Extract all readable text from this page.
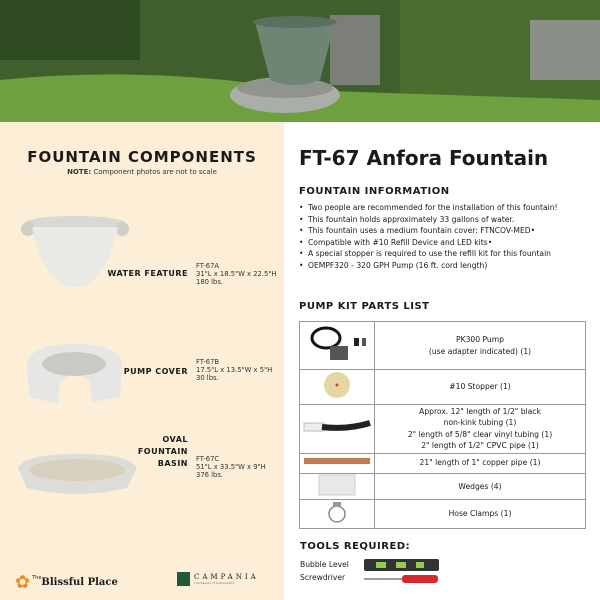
FOUNTAIN COMPONENTS
NOTE: Component photos are not to scale
WATER FEATURE
FT-67A
31"L x 18.5"W x 22.5"H
180 lbs.
PUMP COVER
FT-67B
17.5"L x 13.5"W x 5"H
30 lbs.
OVAL
FOUNTAIN
BASIN FT-67C
51"L x 33.5"W x 9"H
376 lbs.
✿ The Blissful Place	CAMPANIA
The Beauty of Authenticity
FT-67 Anfora Fountain
FOUNTAIN INFORMATION
• Two people are recommended for the installation of this fountain!
• This fountain holds approximately 33 gallons of water.
• This fountain uses a medium fountain cover: FTNCOV-MED•
• Compatible with #10 Refill Device and LED kits•
• A special stopper is required to use the refill kit for this fountain
• OEMPF320 - 320 GPH Pump (16 ft. cord length)
PUMP KIT PARTS LIST

PK300 Pump
(use adapter indicated) (1)

	#10 Stopper (1)

Approx. 12" length of 1/2" black
non-kink tubing (1)
2" length of 5/8" clear vinyl tubing (1)
2" length of 1/2" CPVC pipe (1)

	21" length of 1" copper pipe (1)
	Wedges (4)
	Hose Clamps (1)
TOOLS REQUIRED:
Bubble Level
Screwdriver
